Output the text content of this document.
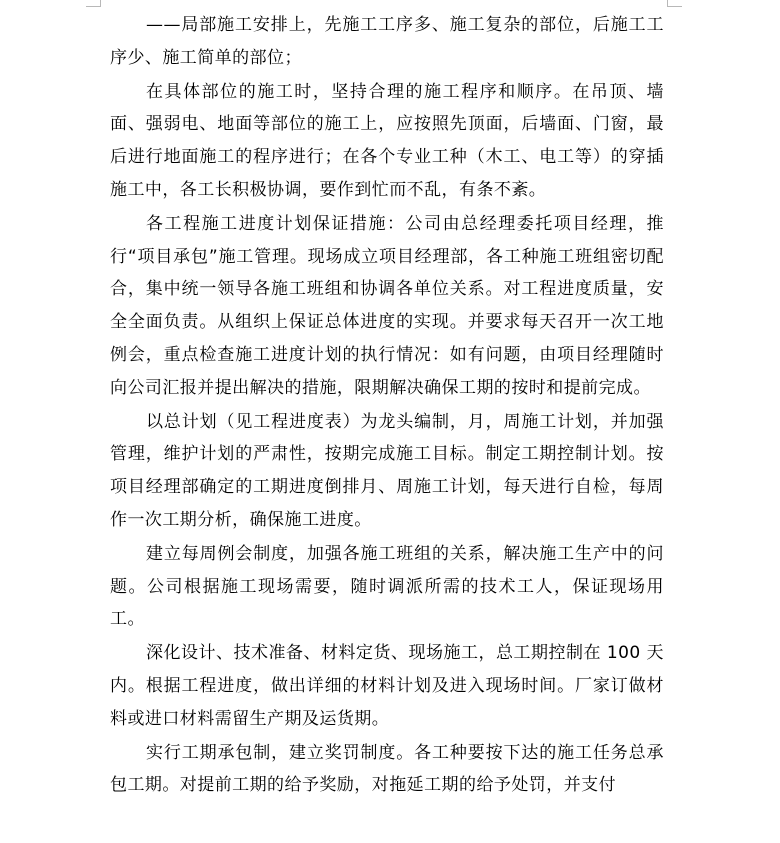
——局部施工安排上，先施工工序多、施工复杂的部位，后施工工序少、施工简单的部位；

在具体部位的施工时，坚持合理的施工程序和顺序。在吊顶、墙面、强弱电、地面等部位的施工上，应按照先顶面，后墙面、门窗，最后进行地面施工的程序进行；在各个专业工种（木工、电工等）的穿插施工中，各工长积极协调，要作到忙而不乱，有条不紊。

各工程施工进度计划保证措施：公司由总经理委托项目经理，推行“项目承包”施工管理。现场成立项目经理部，各工种施工班组密切配合，集中统一领导各施工班组和协调各单位关系。对工程进度质量，安全全面负责。从组织上保证总体进度的实现。并要求每天召开一次工地例会，重点检查施工进度计划的执行情况：如有问题，由项目经理随时向公司汇报并提出解决的措施，限期解决确保工期的按时和提前完成。

以总计划（见工程进度表）为龙头编制，月，周施工计划，并加强管理，维护计划的严肃性，按期完成施工目标。制定工期控制计划。按项目经理部确定的工期进度倒排月、周施工计划，每天进行自检，每周作一次工期分析，确保施工进度。

建立每周例会制度，加强各施工班组的关系，解决施工生产中的问题。公司根据施工现场需要，随时调派所需的技术工人，保证现场用工。

深化设计、技术准备、材料定货、现场施工，总工期控制在 100 天内。根据工程进度，做出详细的材料计划及进入现场时间。厂家订做材料或进口材料需留生产期及运货期。

实行工期承包制，建立奖罚制度。各工种要按下达的施工任务总承包工期。对提前工期的给予奖励，对拖延工期的给予处罚，并支付
